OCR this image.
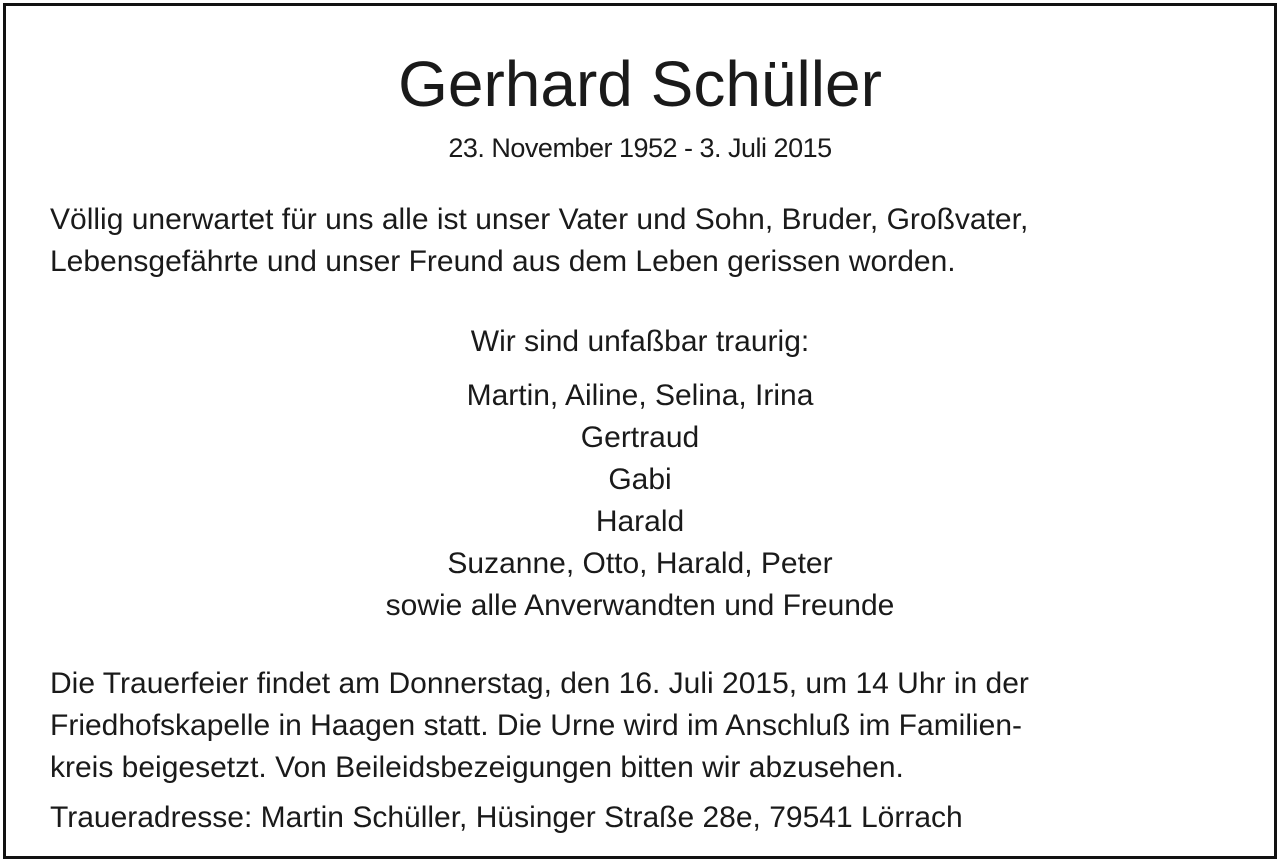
Gerhard Schüller
23. November 1952 - 3. Juli 2015
Völlig unerwartet für uns alle ist unser Vater und Sohn, Bruder, Großvater,
Lebensgefährte und unser Freund aus dem Leben gerissen worden.
Wir sind unfaßbar traurig:
Martin, Ailine, Selina, Irina
Gertraud
Gabi
Harald
Suzanne, Otto, Harald, Peter
sowie alle Anverwandten und Freunde
Die Trauerfeier findet am Donnerstag, den 16. Juli 2015, um 14 Uhr in der
Friedhofskapelle in Haagen statt. Die Urne wird im Anschluß im Familien-
kreis beigesetzt. Von Beileidsbezeigungen bitten wir abzusehen.
Traueradresse: Martin Schüller, Hüsinger Straße 28e, 79541 Lörrach
